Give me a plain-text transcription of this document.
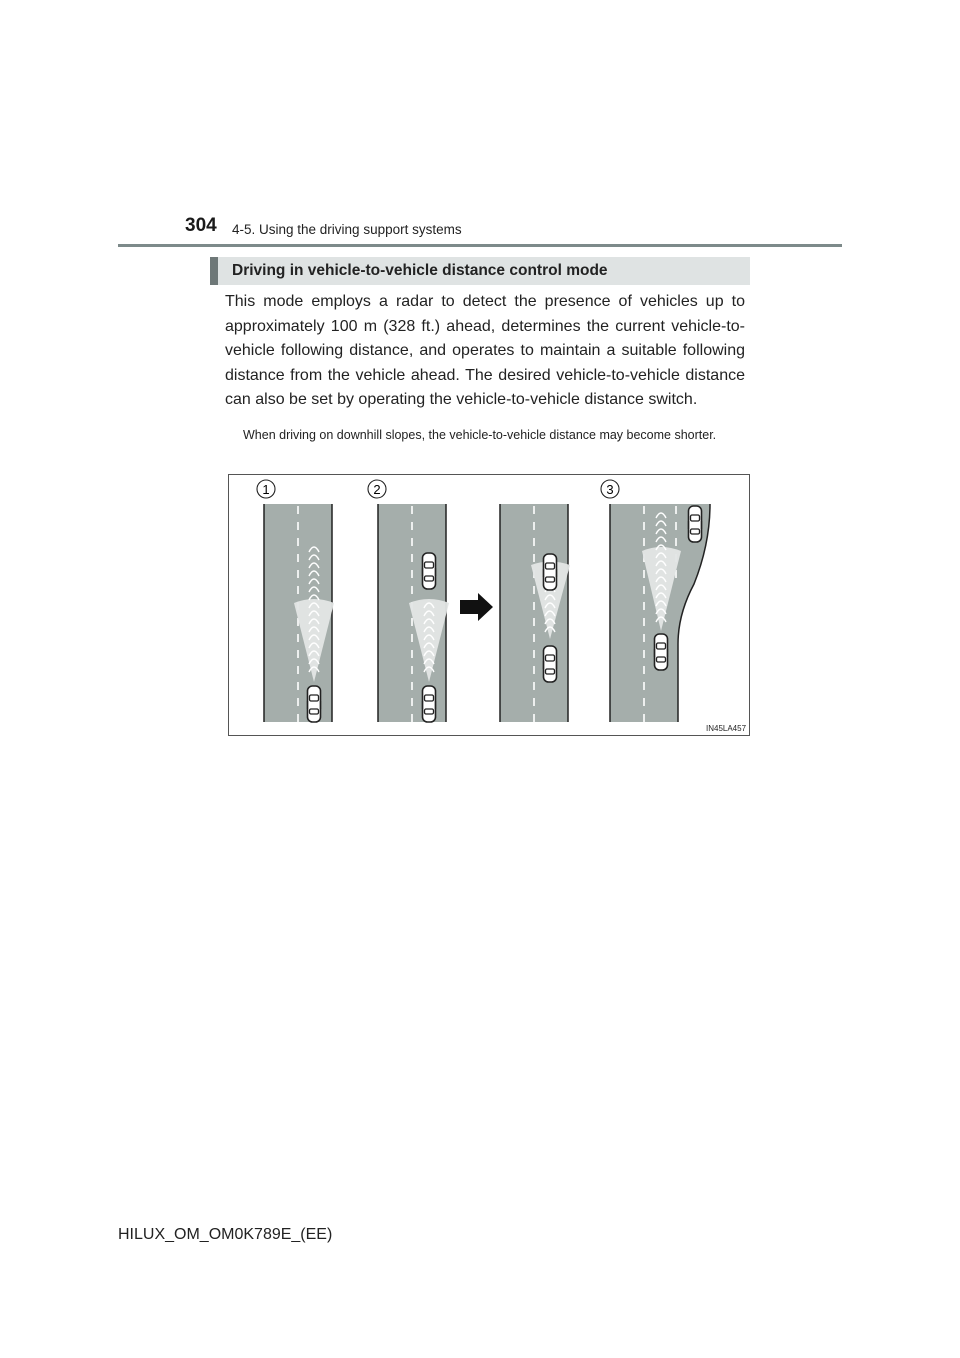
304 4-5. Using the driving support systems
Driving in vehicle-to-vehicle distance control mode
This mode employs a radar to detect the presence of vehicles up to approximately 100 m (328 ft.) ahead, determines the current vehicle-to-vehicle following distance, and operates to maintain a suitable following distance from the vehicle ahead. The desired vehicle-to-vehicle distance can also be set by operating the vehicle-to-vehicle distance switch.
When driving on downhill slopes, the vehicle-to-vehicle distance may become shorter.
1	2	3
IN45LA457
HILUX_OM_OM0K789E_(EE)
